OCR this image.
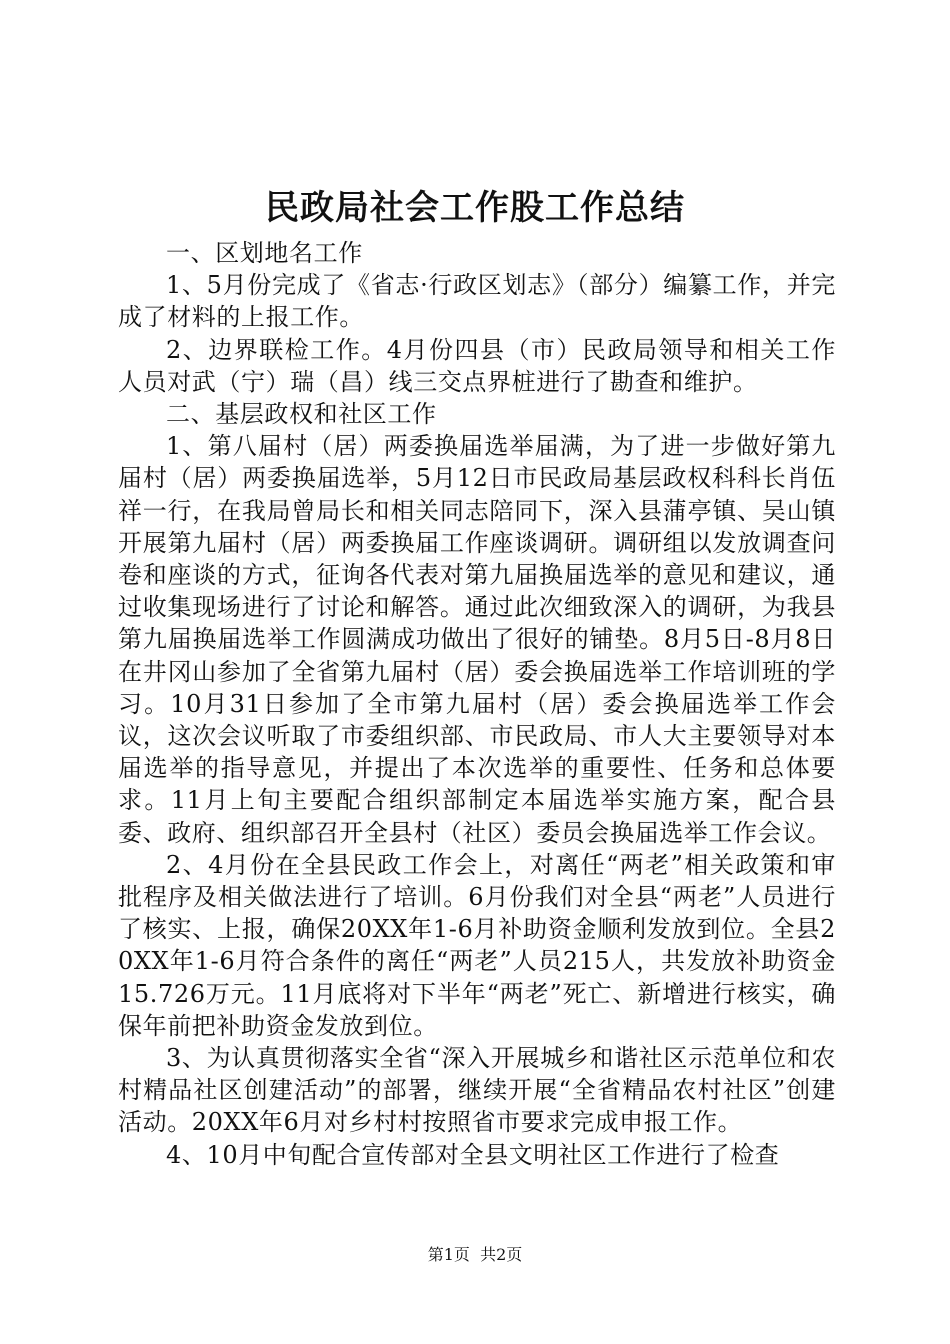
民政局社会工作股工作总结

一、区划地名工作

1、5月份完成了《省志·行政区划志》（部分）编纂工作，并完成了材料的上报工作。

2、边界联检工作。4月份四县（市）民政局领导和相关工作人员对武（宁）瑞（昌）线三交点界桩进行了勘查和维护。

二、基层政权和社区工作

1、第八届村（居）两委换届选举届满，为了进一步做好第九届村（居）两委换届选举，5月12日市民政局基层政权科科长肖伍祥一行，在我局曾局长和相关同志陪同下，深入县蒲亭镇、吴山镇开展第九届村（居）两委换届工作座谈调研。调研组以发放调查问卷和座谈的方式，征询各代表对第九届换届选举的意见和建议，通过收集现场进行了讨论和解答。通过此次细致深入的调研，为我县第九届换届选举工作圆满成功做出了很好的铺垫。8月5日-8月8日在井冈山参加了全省第九届村（居）委会换届选举工作培训班的学习。10月31日参加了全市第九届村（居）委会换届选举工作会议，这次会议听取了市委组织部、市民政局、市人大主要领导对本届选举的指导意见，并提出了本次选举的重要性、任务和总体要求。11月上旬主要配合组织部制定本届选举实施方案，配合县委、政府、组织部召开全县村（社区）委员会换届选举工作会议。

2、4月份在全县民政工作会上，对离任“两老”相关政策和审批程序及相关做法进行了培训。6月份我们对全县“两老”人员进行了核实、上报，确保20XX年1-6月补助资金顺利发放到位。全县20XX年1-6月符合条件的离任“两老”人员215人，共发放补助资金15.726万元。11月底将对下半年“两老”死亡、新增进行核实，确保年前把补助资金发放到位。

3、为认真贯彻落实全省“深入开展城乡和谐社区示范单位和农村精品社区创建活动”的部署，继续开展“全省精品农村社区”创建活动。20XX年6月对乡村村按照省市要求完成申报工作。

4、10月中旬配合宣传部对全县文明社区工作进行了检查

第1页 共2页
